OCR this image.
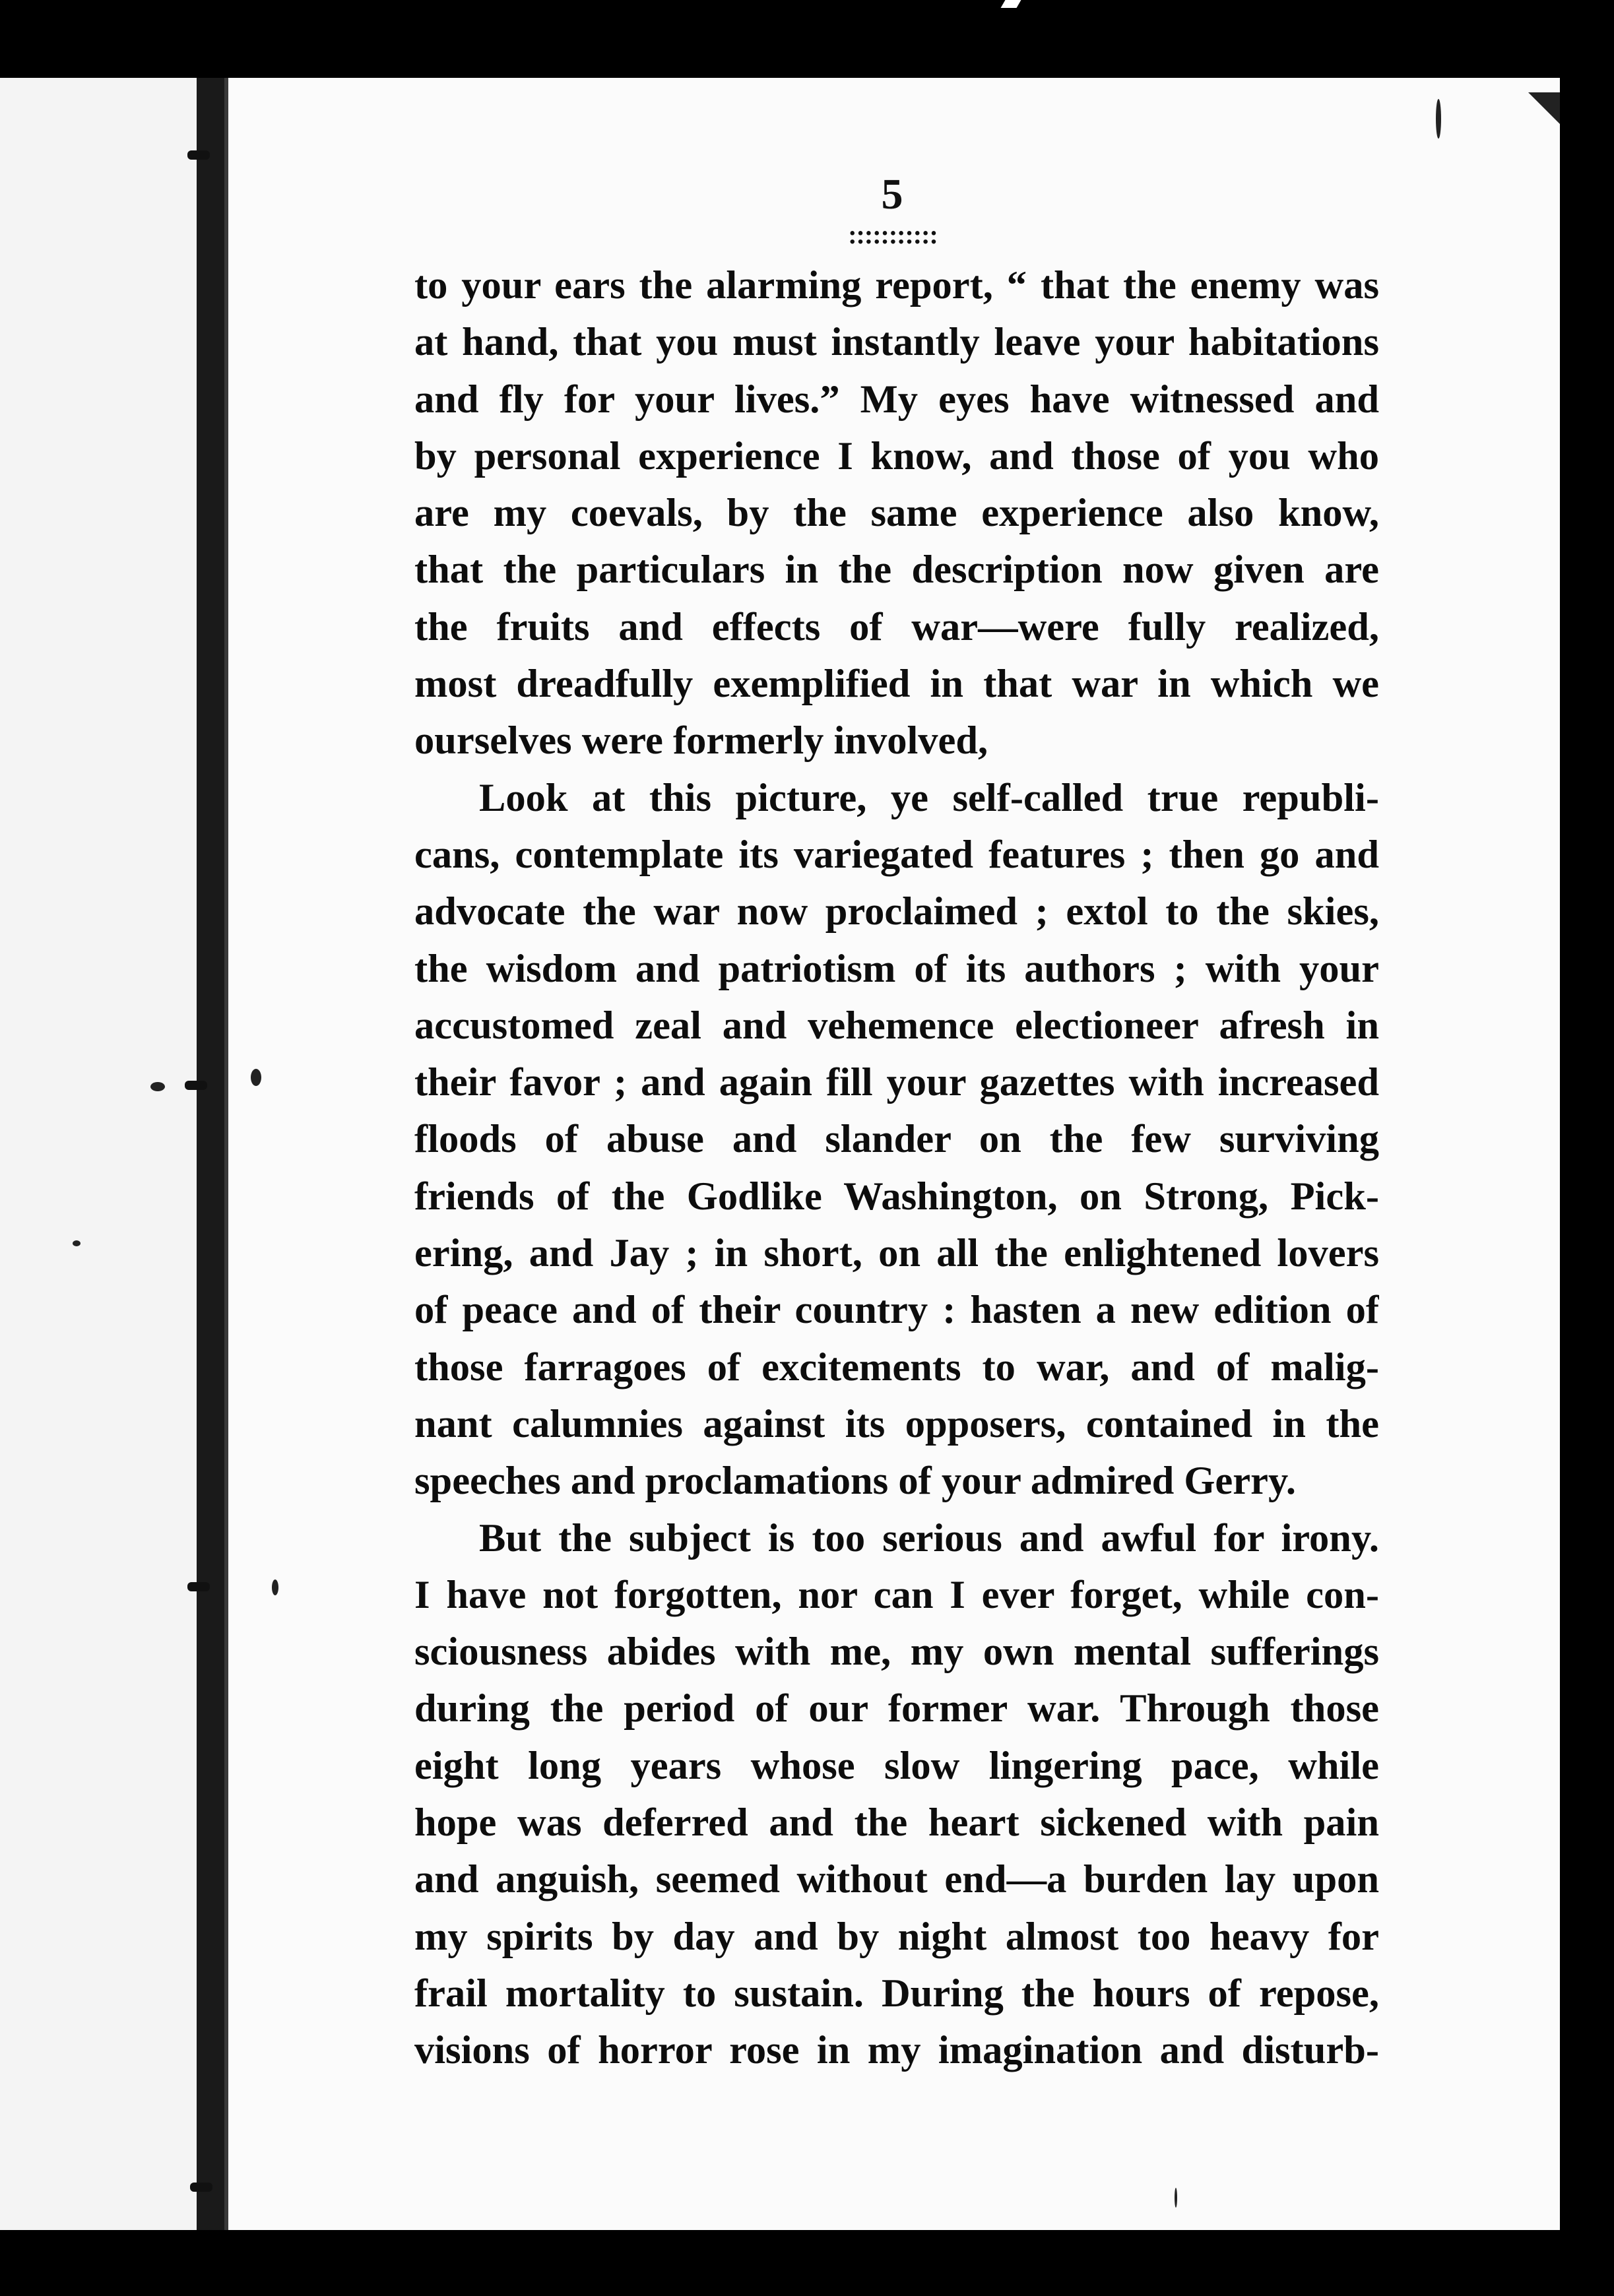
5
:::::::::::
to your ears the alarming report, “ that the enemy was
at hand, that you must instantly leave your habitations
and fly for your lives.” My eyes have witnessed and
by personal experience I know, and those of you who
are my coevals, by the same experience also know,
that the particulars in the description now given are
the fruits and effects of war—were fully realized,
most dreadfully exemplified in that war in which we
ourselves were formerly involved,
Look at this picture, ye self-called true republi-
cans, contemplate its variegated features ; then go and
advocate the war now proclaimed ; extol to the skies,
the wisdom and patriotism of its authors ; with your
accustomed zeal and vehemence electioneer afresh in
their favor ; and again fill your gazettes with increased
floods of abuse and slander on the few surviving
friends of the Godlike Washington, on Strong, Pick-
ering, and Jay ; in short, on all the enlightened lovers
of peace and of their country : hasten a new edition of
those farragoes of excitements to war, and of malig-
nant calumnies against its opposers, contained in the
speeches and proclamations of your admired Gerry.
But the subject is too serious and awful for irony.
I have not forgotten, nor can I ever forget, while con-
sciousness abides with me, my own mental sufferings
during the period of our former war. Through those
eight long years whose slow lingering pace, while
hope was deferred and the heart sickened with pain
and anguish, seemed without end—a burden lay upon
my spirits by day and by night almost too heavy for
frail mortality to sustain. During the hours of repose,
visions of horror rose in my imagination and disturb-
